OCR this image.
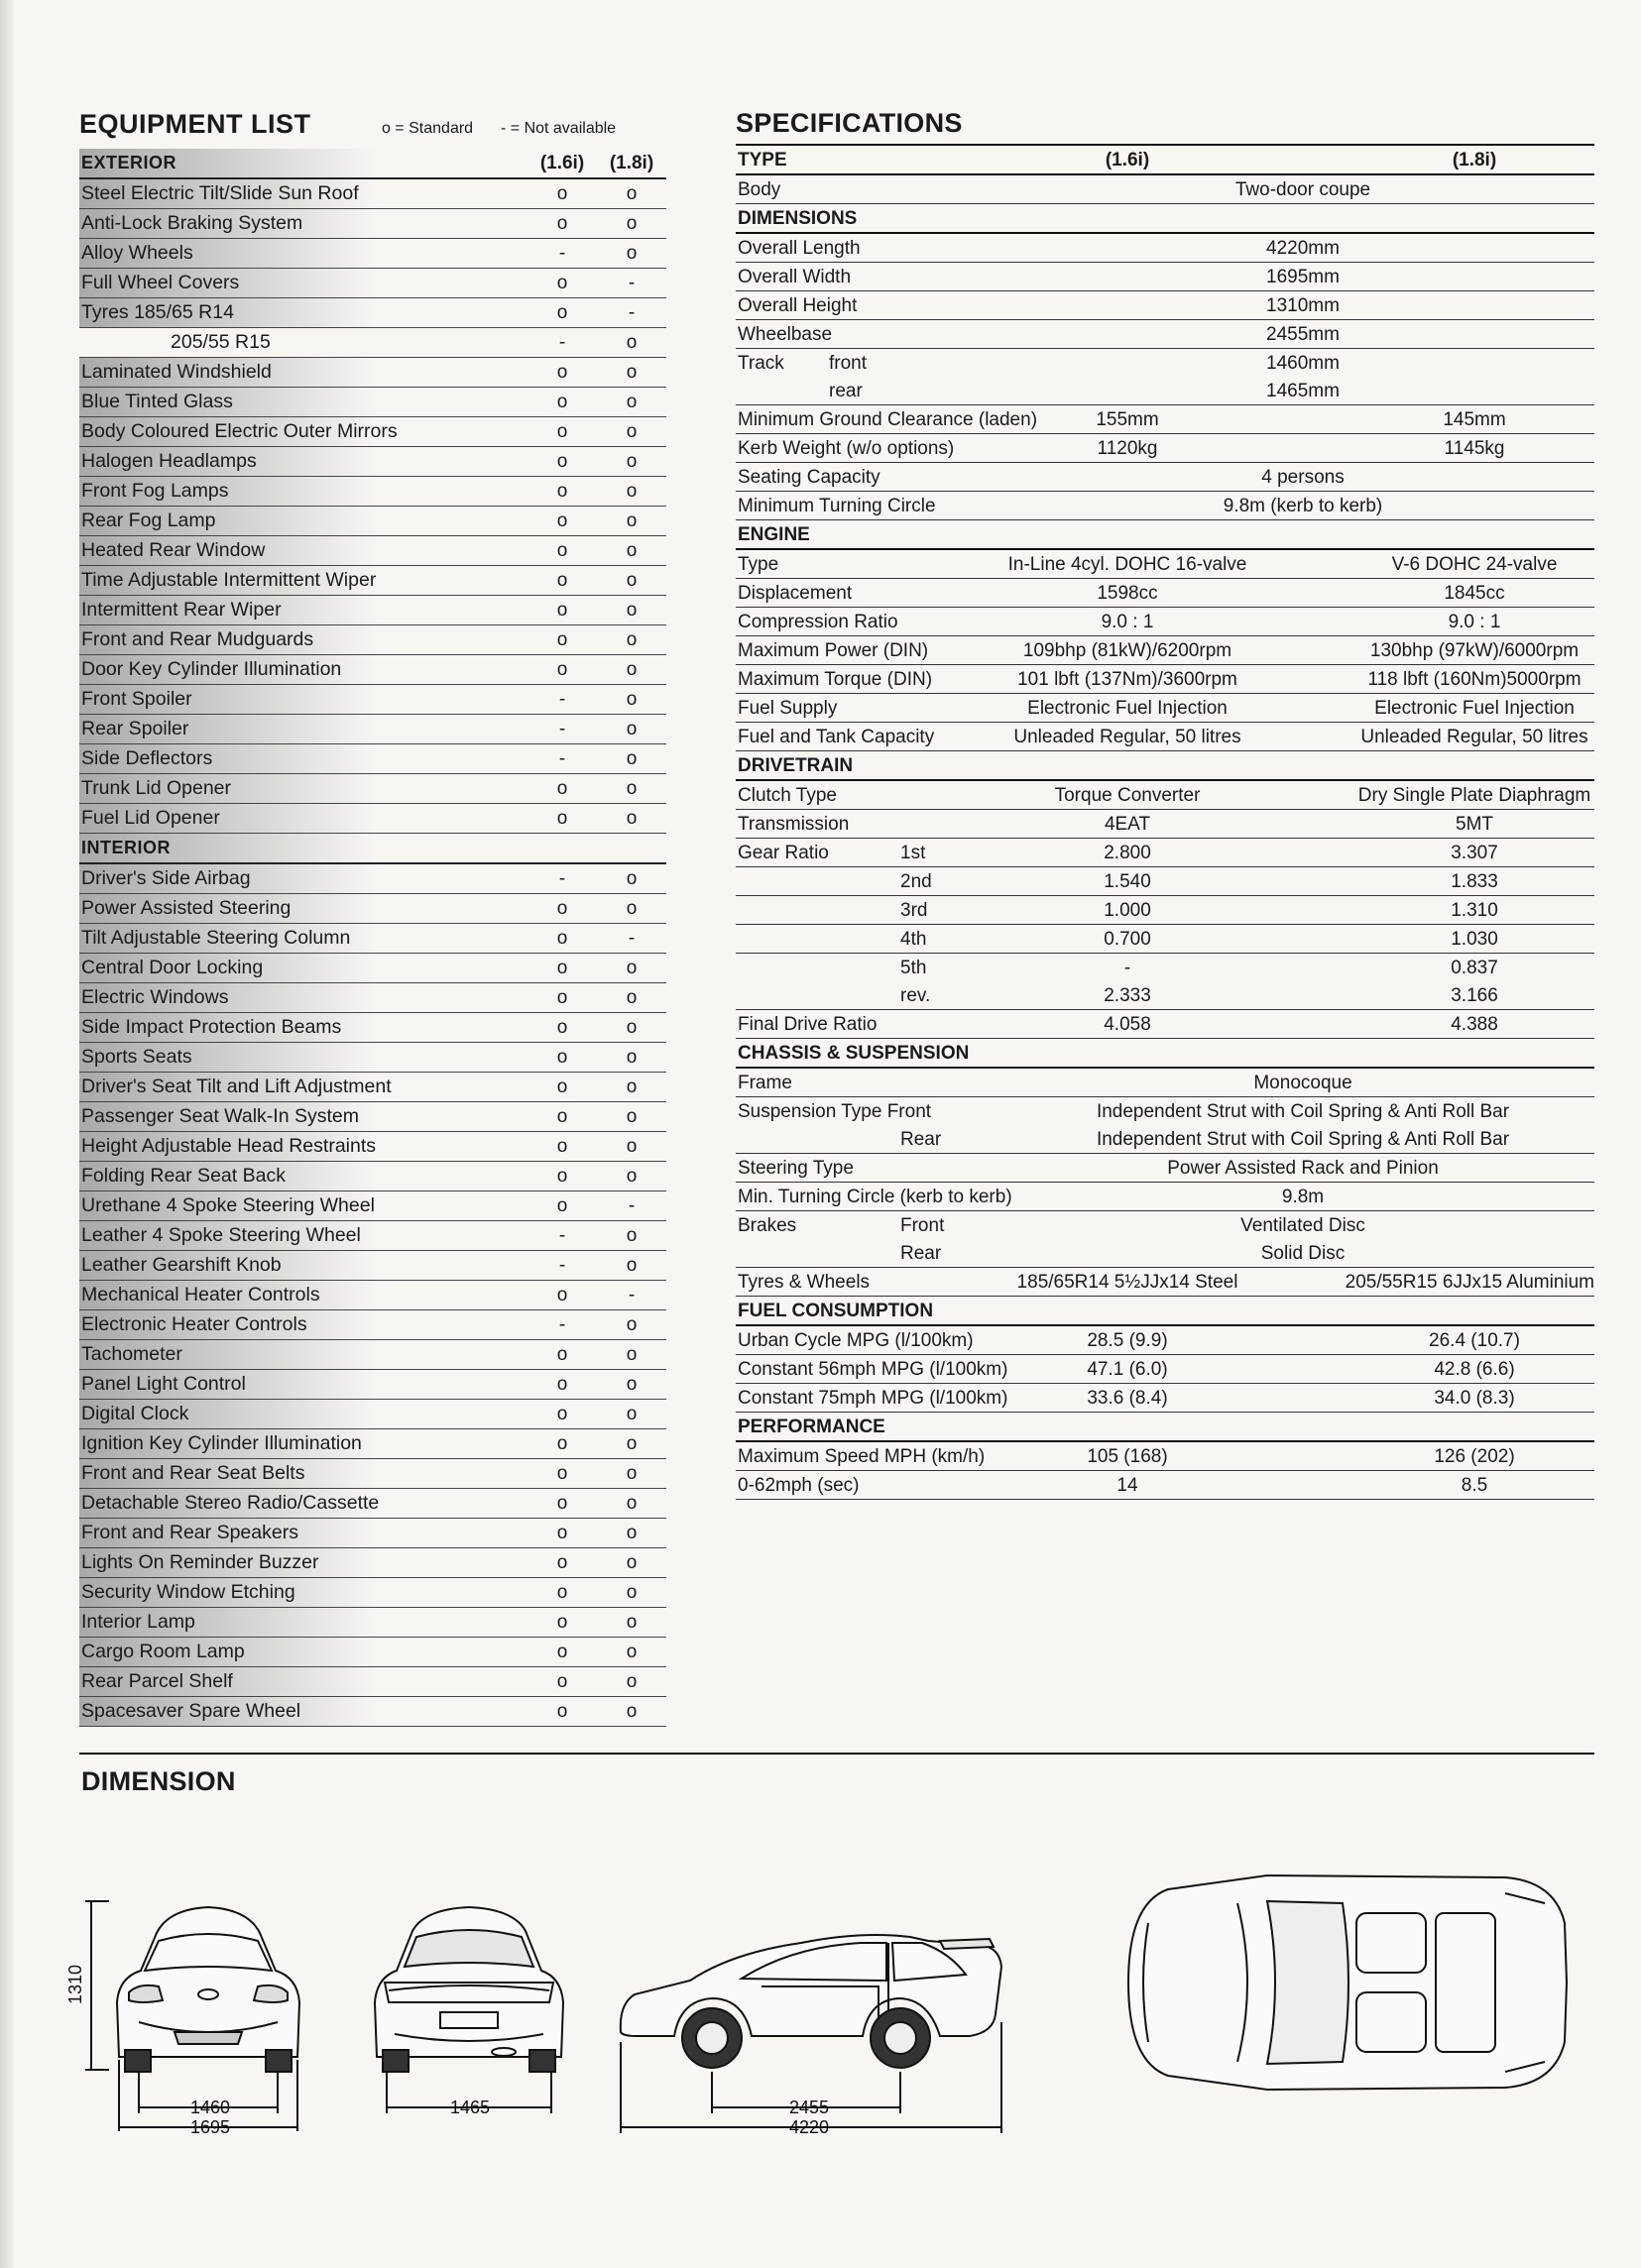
EQUIPMENT LIST	o = Standard	- = Not available
EXTERIOR	(1.6i)	(1.8i)
Steel Electric Tilt/Slide Sun Roof	o	o
Anti-Lock Braking System	o	o
Alloy Wheels	-	o
Full Wheel Covers	o	-
Tyres 185/65 R14	o	-
205/55 R15	-	o
Laminated Windshield	o	o
Blue Tinted Glass	o	o
Body Coloured Electric Outer Mirrors	o	o
Halogen Headlamps	o	o
Front Fog Lamps	o	o
Rear Fog Lamp	o	o
Heated Rear Window	o	o
Time Adjustable Intermittent Wiper	o	o
Intermittent Rear Wiper	o	o
Front and Rear Mudguards	o	o
Door Key Cylinder Illumination	o	o
Front Spoiler	-	o
Rear Spoiler	-	o
Side Deflectors	-	o
Trunk Lid Opener	o	o
Fuel Lid Opener	o	o
INTERIOR
Driver's Side Airbag	-	o
Power Assisted Steering	o	o
Tilt Adjustable Steering Column	o	-
Central Door Locking	o	o
Electric Windows	o	o
Side Impact Protection Beams	o	o
Sports Seats	o	o
Driver's Seat Tilt and Lift Adjustment	o	o
Passenger Seat Walk-In System	o	o
Height Adjustable Head Restraints	o	o
Folding Rear Seat Back	o	o
Urethane 4 Spoke Steering Wheel	o	-
Leather 4 Spoke Steering Wheel	-	o
Leather Gearshift Knob	-	o
Mechanical Heater Controls	o	-
Electronic Heater Controls	-	o
Tachometer	o	o
Panel Light Control	o	o
Digital Clock	o	o
Ignition Key Cylinder Illumination	o	o
Front and Rear Seat Belts	o	o
Detachable Stereo Radio/Cassette	o	o
Front and Rear Speakers	o	o
Lights On Reminder Buzzer	o	o
Security Window Etching	o	o
Interior Lamp	o	o
Cargo Room Lamp	o	o
Rear Parcel Shelf	o	o
Spacesaver Spare Wheel	o	o
SPECIFICATIONS
TYPE	(1.6i)	(1.8i)
Body	Two-door coupe
DIMENSIONS
Overall Length	4220mm
Overall Width	1695mm
Overall Height	1310mm
Wheelbase	2455mm
Track front	1460mm
rear	1465mm
Minimum Ground Clearance (laden)	155mm	145mm
Kerb Weight (w/o options)	1120kg	1145kg
Seating Capacity	4 persons
Minimum Turning Circle	9.8m (kerb to kerb)
ENGINE
Type	In-Line 4cyl. DOHC 16-valve	V-6 DOHC 24-valve
Displacement	1598cc	1845cc
Compression Ratio	9.0 : 1	9.0 : 1
Maximum Power (DIN)	109bhp (81kW)/6200rpm	130bhp (97kW)/6000rpm
Maximum Torque (DIN)	101 lbft (137Nm)/3600rpm	118 lbft (160Nm)5000rpm
Fuel Supply	Electronic Fuel Injection	Electronic Fuel Injection
Fuel and Tank Capacity	Unleaded Regular, 50 litres	Unleaded Regular, 50 litres
DRIVETRAIN
Clutch Type	Torque Converter	Dry Single Plate Diaphragm
Transmission	4EAT	5MT
Gear Ratio	1st	2.800	3.307
2nd	1.540	1.833
3rd	1.000	1.310
4th	0.700	1.030
5th	-	0.837
rev.	2.333	3.166
Final Drive Ratio	4.058	4.388
CHASSIS & SUSPENSION
Frame	Monocoque
Suspension Type Front	Independent Strut with Coil Spring & Anti Roll Bar
Rear	Independent Strut with Coil Spring & Anti Roll Bar
Steering Type	Power Assisted Rack and Pinion
Min. Turning Circle (kerb to kerb)	9.8m
Brakes	Front	Ventilated Disc
Rear	Solid Disc
Tyres & Wheels	185/65R14 5½JJx14 Steel	205/55R15 6JJx15 Aluminium
FUEL CONSUMPTION
Urban Cycle MPG (l/100km)	28.5 (9.9)	26.4 (10.7)
Constant 56mph MPG (l/100km)	47.1 (6.0)	42.8 (6.6)
Constant 75mph MPG (l/100km)	33.6 (8.4)	34.0 (8.3)
PERFORMANCE
Maximum Speed MPH (km/h)	105 (168)	126 (202)
0-62mph (sec)	14	8.5
DIMENSION
1310
1460
1695
1465	2455
4220
